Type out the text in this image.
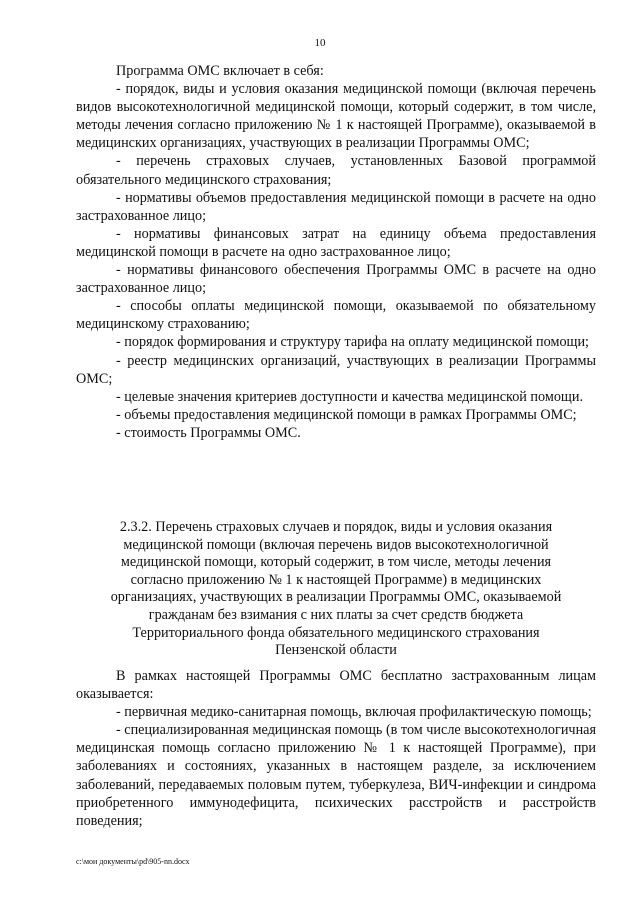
10

Программа ОМС включает в себя:

- порядок, виды и условия оказания медицинской помощи (включая перечень видов высокотехнологичной медицинской помощи, который содержит, в том числе, методы лечения согласно приложению № 1 к настоящей Программе), оказываемой в медицинских организациях, участвующих в реализации Программы ОМС;

- перечень страховых случаев, установленных Базовой программой обязательного медицинского страхования;

- нормативы объемов предоставления медицинской помощи в расчете на одно застрахованное лицо;

- нормативы финансовых затрат на единицу объема предоставления медицинской помощи в расчете на одно застрахованное лицо;

- нормативы финансового обеспечения Программы ОМС в расчете на одно застрахованное лицо;

- способы оплаты медицинской помощи, оказываемой по обязательному медицинскому страхованию;

- порядок формирования и структуру тарифа на оплату медицинской помощи;

- реестр медицинских организаций, участвующих в реализации Программы ОМС;

- целевые значения критериев доступности и качества медицинской помощи.

- объемы предоставления медицинской помощи в рамках Программы ОМС;

- стоимость Программы ОМС.

2.3.2. Перечень страховых случаев и порядок, виды и условия оказания медицинской помощи (включая перечень видов высокотехнологичной медицинской помощи, который содержит, в том числе, методы лечения согласно приложению № 1 к настоящей Программе) в медицинских организациях, участвующих в реализации Программы ОМС, оказываемой гражданам без взимания с них платы за счет средств бюджета Территориального фонда обязательного медицинского страхования Пензенской области

В рамках настоящей Программы ОМС бесплатно застрахованным лицам оказывается:

- первичная медико-санитарная помощь, включая профилактическую помощь;

- специализированная медицинская помощь (в том числе высокотехнологичная медицинская помощь согласно приложению № 1 к настоящей Программе), при заболеваниях и состояниях, указанных в настоящем разделе, за исключением заболеваний, передаваемых половым путем, туберкулеза, ВИЧ-инфекции и синдрома приобретенного иммунодефицита, психических расстройств и расстройств поведения;

c:\мои документы\pd\905-nn.docx
